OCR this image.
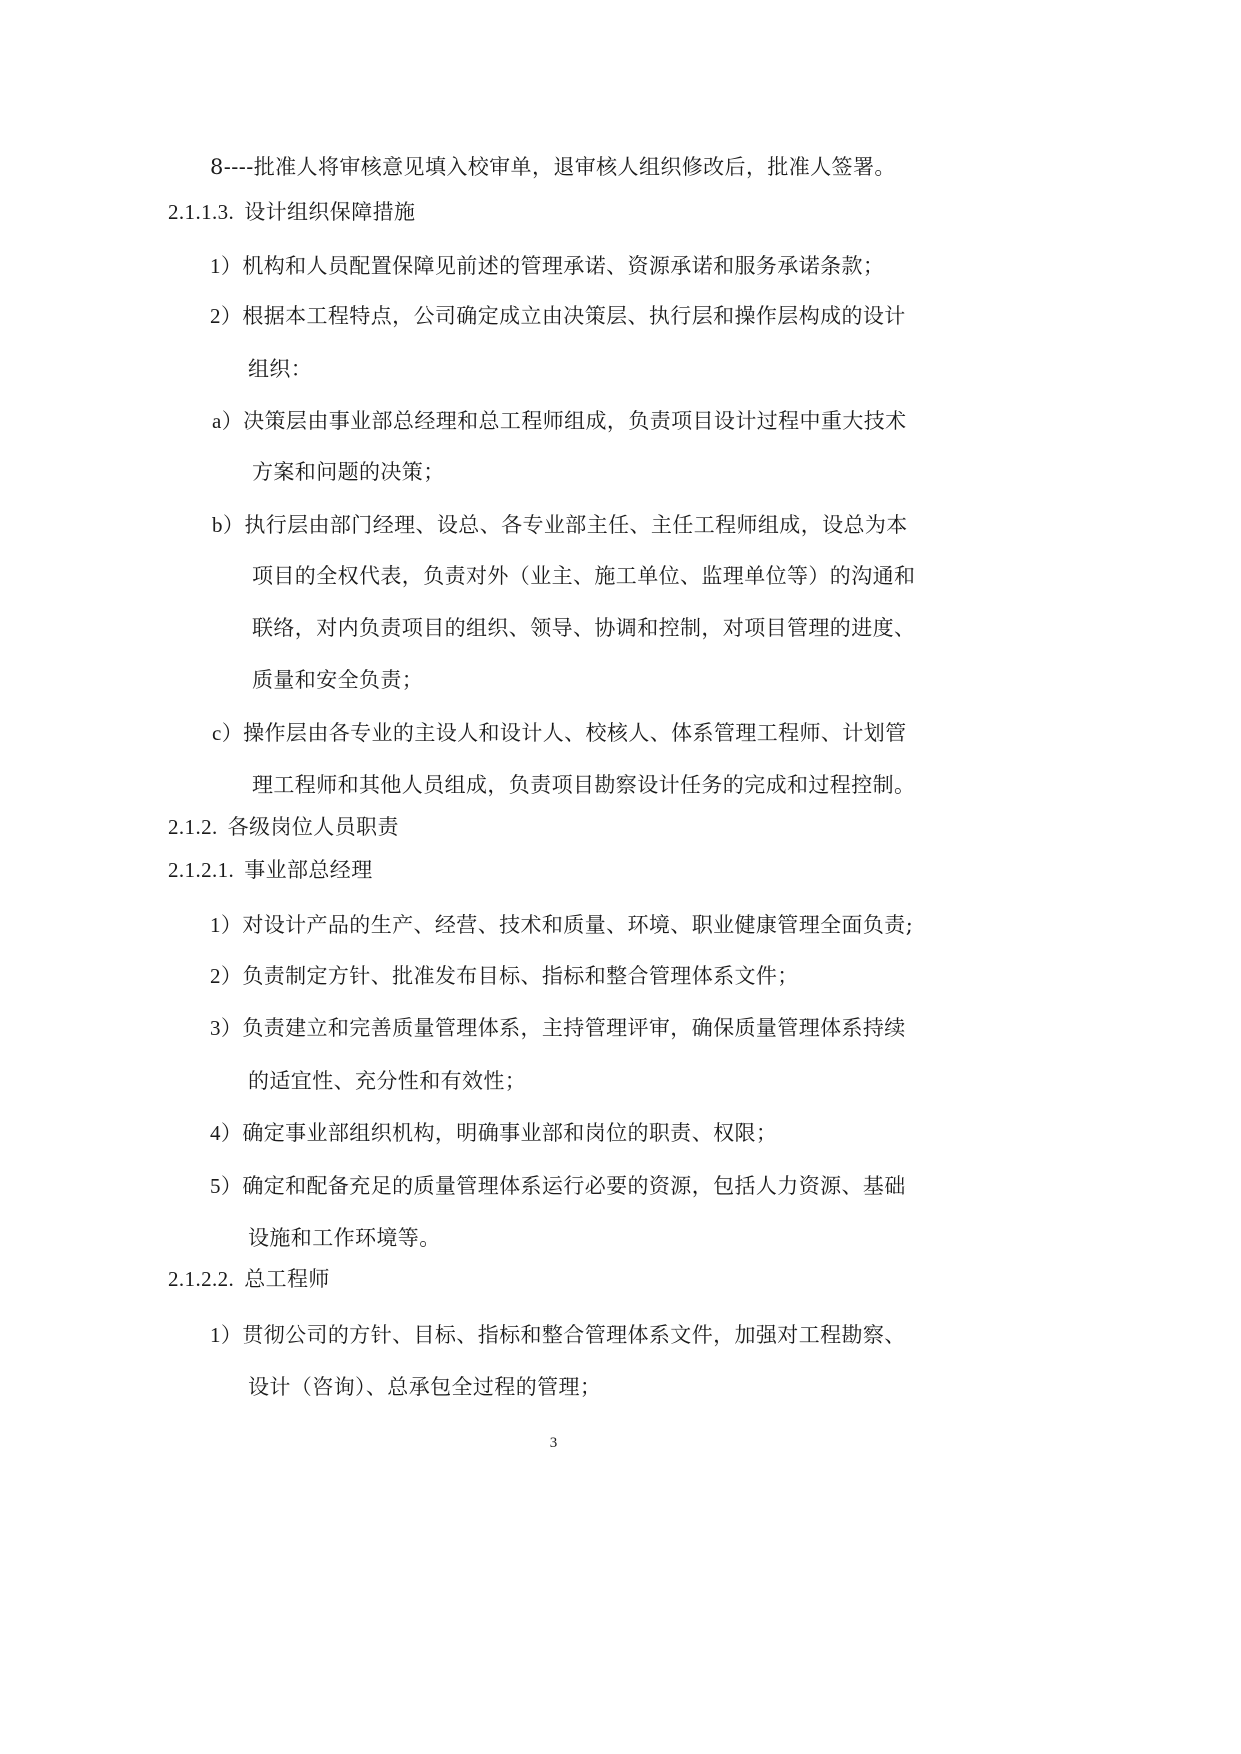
8----批准人将审核意见填入校审单，退审核人组织修改后，批准人签署。
2.1.1.3. 设计组织保障措施
1）机构和人员配置保障见前述的管理承诺、资源承诺和服务承诺条款；
2）根据本工程特点，公司确定成立由决策层、执行层和操作层构成的设计
组织：
a）决策层由事业部总经理和总工程师组成，负责项目设计过程中重大技术
方案和问题的决策；
b）执行层由部门经理、设总、各专业部主任、主任工程师组成，设总为本
项目的全权代表，负责对外（业主、施工单位、监理单位等）的沟通和
联络，对内负责项目的组织、领导、协调和控制，对项目管理的进度、
质量和安全负责；
c）操作层由各专业的主设人和设计人、校核人、体系管理工程师、计划管
理工程师和其他人员组成，负责项目勘察设计任务的完成和过程控制。
2.1.2. 各级岗位人员职责
2.1.2.1. 事业部总经理
1）对设计产品的生产、经营、技术和质量、环境、职业健康管理全面负责;
2）负责制定方针、批准发布目标、指标和整合管理体系文件；
3）负责建立和完善质量管理体系，主持管理评审，确保质量管理体系持续
的适宜性、充分性和有效性；
4）确定事业部组织机构，明确事业部和岗位的职责、权限；
5）确定和配备充足的质量管理体系运行必要的资源，包括人力资源、基础
设施和工作环境等。
2.1.2.2. 总工程师
1）贯彻公司的方针、目标、指标和整合管理体系文件，加强对工程勘察、
设计（咨询）、总承包全过程的管理；
3
